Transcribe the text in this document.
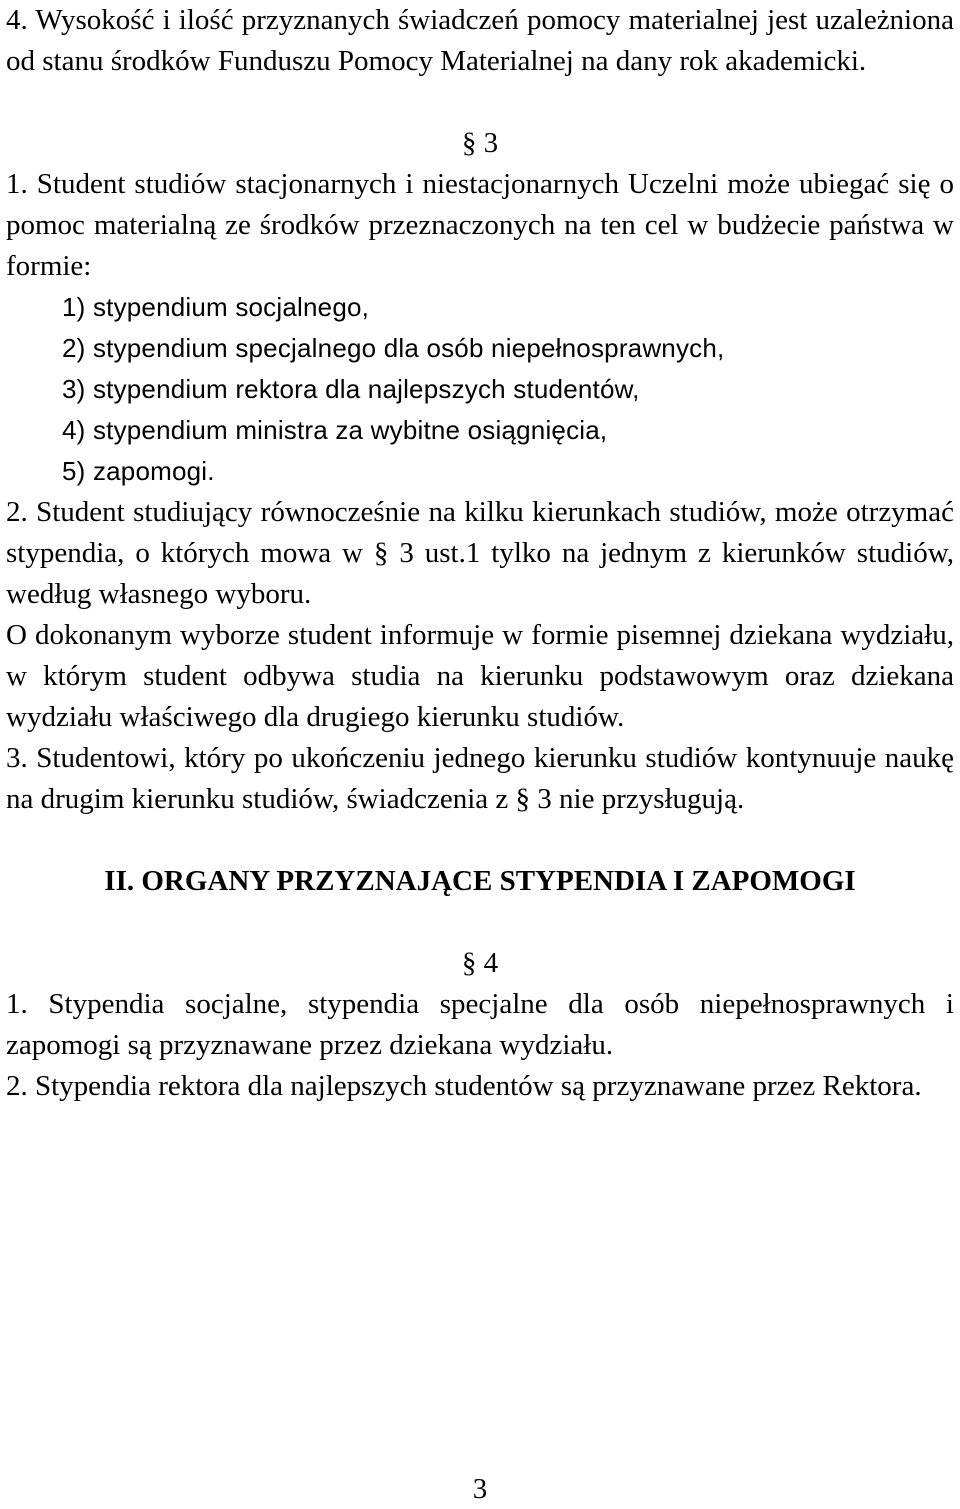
4. Wysokość i ilość przyznanych świadczeń pomocy materialnej jest uzależniona od stanu środków Funduszu Pomocy Materialnej na dany rok akademicki.

§ 3

1. Student studiów stacjonarnych i niestacjonarnych Uczelni może ubiegać się o pomoc materialną ze środków przeznaczonych na ten cel w budżecie państwa w formie:

1) stypendium socjalnego,

2) stypendium specjalnego dla osób niepełnosprawnych,

3) stypendium rektora dla najlepszych studentów,

4) stypendium ministra za wybitne osiągnięcia,

5) zapomogi.

2. Student studiujący równocześnie na kilku kierunkach studiów, może otrzymać stypendia, o których mowa w § 3 ust.1 tylko na jednym z kierunków studiów, według własnego wyboru.

O dokonanym wyborze student informuje w formie pisemnej dziekana wydziału, w którym student odbywa studia na kierunku podstawowym oraz dziekana wydziału właściwego dla drugiego kierunku studiów.

3. Studentowi, który po ukończeniu jednego kierunku studiów kontynuuje naukę na drugim kierunku studiów, świadczenia z § 3 nie przysługują.

II. ORGANY PRZYZNAJĄCE STYPENDIA I ZAPOMOGI

§ 4

1. Stypendia socjalne, stypendia specjalne dla osób niepełnosprawnych i zapomogi są przyznawane przez dziekana wydziału.

2. Stypendia rektora dla najlepszych studentów są przyznawane przez Rektora.

3
